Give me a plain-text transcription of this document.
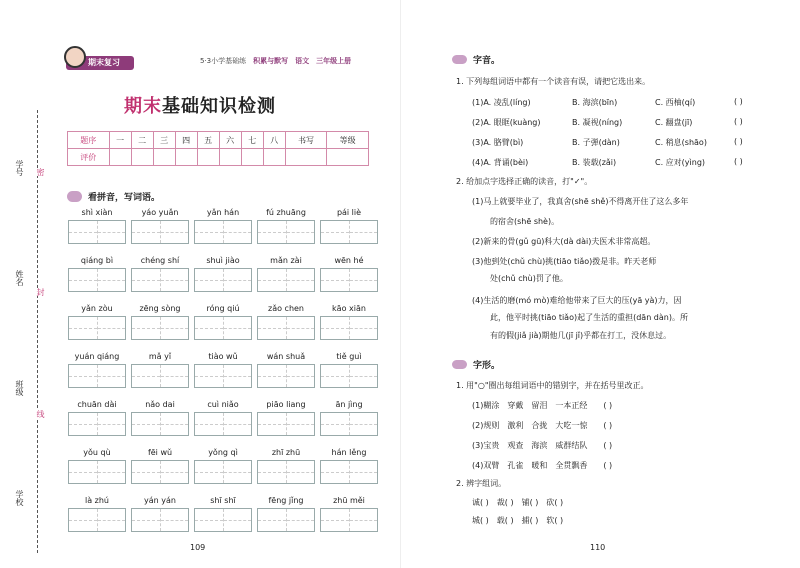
学号
姓名
班级
学校
密
封
线
期末复习	5·3小学基础练　 积累与默写　 语文　 三年级上册
期末基础知识检测
题序	一	二	三	四	五	六	七	八	书写	等级
评价										
看拼音，写词语。
shì xiàn	yáo yuǎn	yǎn hán	fú zhuāng	pái liè
qiáng bì	chéng shí	shuì jiào	mǎn zài	wēn hé
yǎn zòu	zēng sòng	róng qiú	zǎo chen	kāo xiān
yuán qiáng	mǎ yǐ	tiào wǔ	wán shuǎ	tiě guì
chuān dài	nǎo dai	cuì niǎo	piāo liang	ān jìng
yǒu qù	fēi wǔ	yǒng qì	zhī zhū	hán lěng
là zhú	yán yán	shī shī	fēng jǐng	zhū měi
109
字音。
1. 下列每组词语中都有一个读音有误，请把它选出来。
(1)A. 凌乱(líng)	B. 海滨(bīn)	C. 西柚(qí)	( )
(2)A. 眼眶(kuàng)	B. 凝视(níng)	C. 翻盘(jī)	( )
(3)A. 胳臂(bì)	B. 子弹(dàn)	C. 稍息(shāo)	( )
(4)A. 背诵(bèi)	B. 装载(zǎi)	C. 应对(yìng)	( )
2. 给加点字选择正确的读音，打"✓"。
(1)马上就要毕业了，我真舍(shē shě)不得离开住了这么多年
的宿舍(shē shè)。
(2)新来的骨(gǔ gū)科大(dà dài)夫医术非常高超。
(3)他到处(chǔ chù)挑(tiāo tiǎo)拨是非。昨天老师
处(chǔ chù)罚了他。
(4)生活的磨(mó mò)难给他带来了巨大的压(yā yà)力，因
此，他平时挑(tiāo tiǎo)起了生活的重担(dān dàn)。所
有的假(jiǎ jià)期他几(jī jǐ)乎都在打工，没休息过。
字形。
1. 用"○"圈出每组词语中的错别字，并在括号里改正。
(1)糊涂　穿戴　留泪　一本正经　　( )
(2)规则　激利　合拢　大吃一惊　　( )
(3)宝贵　观查　海滨　威群结队　　( )
(4)双臂　孔雀　暖和　全贯飘香　　( )
2. 辨字组词。
诚( )　裁( )　铺( )　砍( )
城( )　载( )　捕( )　软( )
110
